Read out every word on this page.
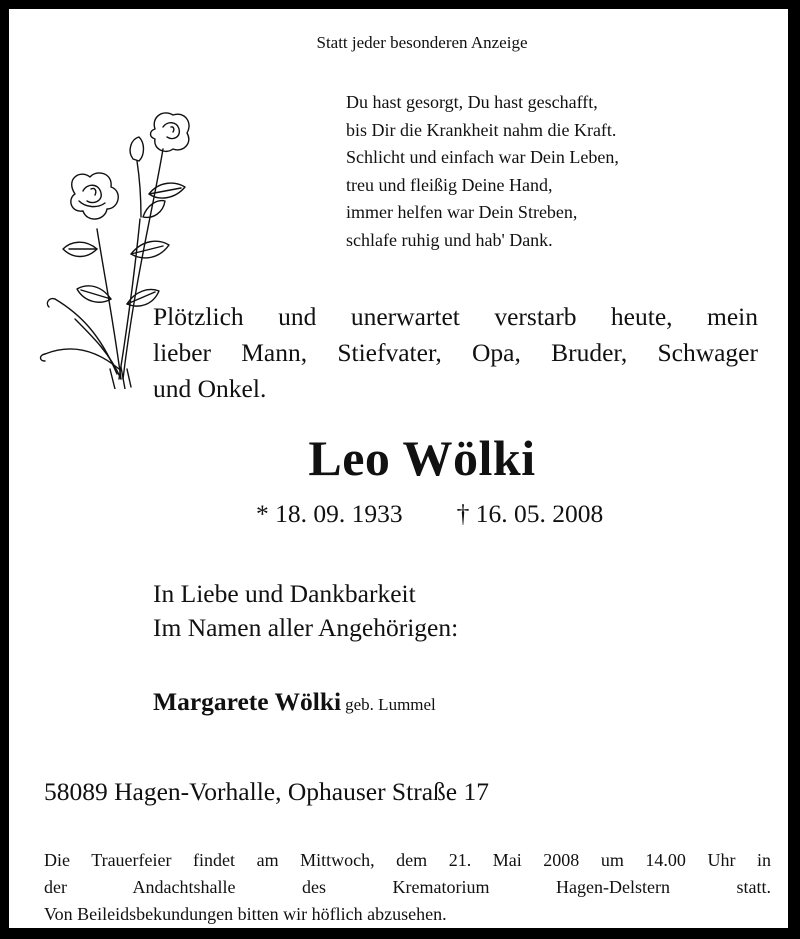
Statt jeder besonderen Anzeige
Du hast gesorgt, Du hast geschafft,
bis Dir die Krankheit nahm die Kraft.
Schlicht und einfach war Dein Leben,
treu und fleißig Deine Hand,
immer helfen war Dein Streben,
schlafe ruhig und hab' Dank.
Plötzlich und unerwartet verstarb heute, mein
lieber Mann, Stiefvater, Opa, Bruder, Schwager
und Onkel.
Leo Wölki
* 18. 09. 1933 † 16. 05. 2008
In Liebe und Dankbarkeit
Im Namen aller Angehörigen:
Margarete Wölki geb. Lummel
58089 Hagen-Vorhalle, Ophauser Straße 17
Die Trauerfeier findet am Mittwoch, dem 21. Mai 2008 um 14.00 Uhr in
der Andachtshalle des Krematorium Hagen-Delstern statt.
Von Beileidsbekundungen bitten wir höflich abzusehen.
